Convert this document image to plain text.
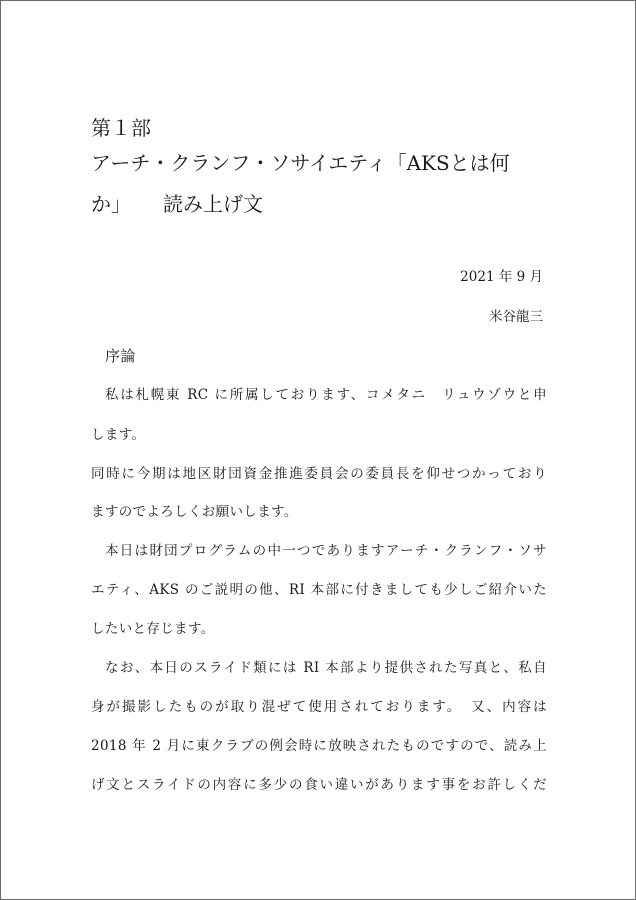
第１部
アーチ・クランフ・ソサイエティ「AKSとは何
か」 読み上げ文
2021 年 9 月
米谷龍三
序論
私は札幌東 RC に所属しております、コメタニ　リュウゾウと申
します。
同時に今期は地区財団資金推進委員会の委員長を仰せつかっており
ますのでよろしくお願いします。
本日は財団プログラムの中一つでありますアーチ・クランフ・ソサ
エティ、AKS のご説明の他、RI 本部に付きましても少しご紹介いた
したいと存じます。
なお、本日のスライド類には RI 本部より提供された写真と、私自
身が撮影したものが取り混ぜて使用されております。　又、内容は
2018 年 2 月に東クラブの例会時に放映されたものですので、読み上
げ文とスライドの内容に多少の食い違いがあります事をお許しくだ
